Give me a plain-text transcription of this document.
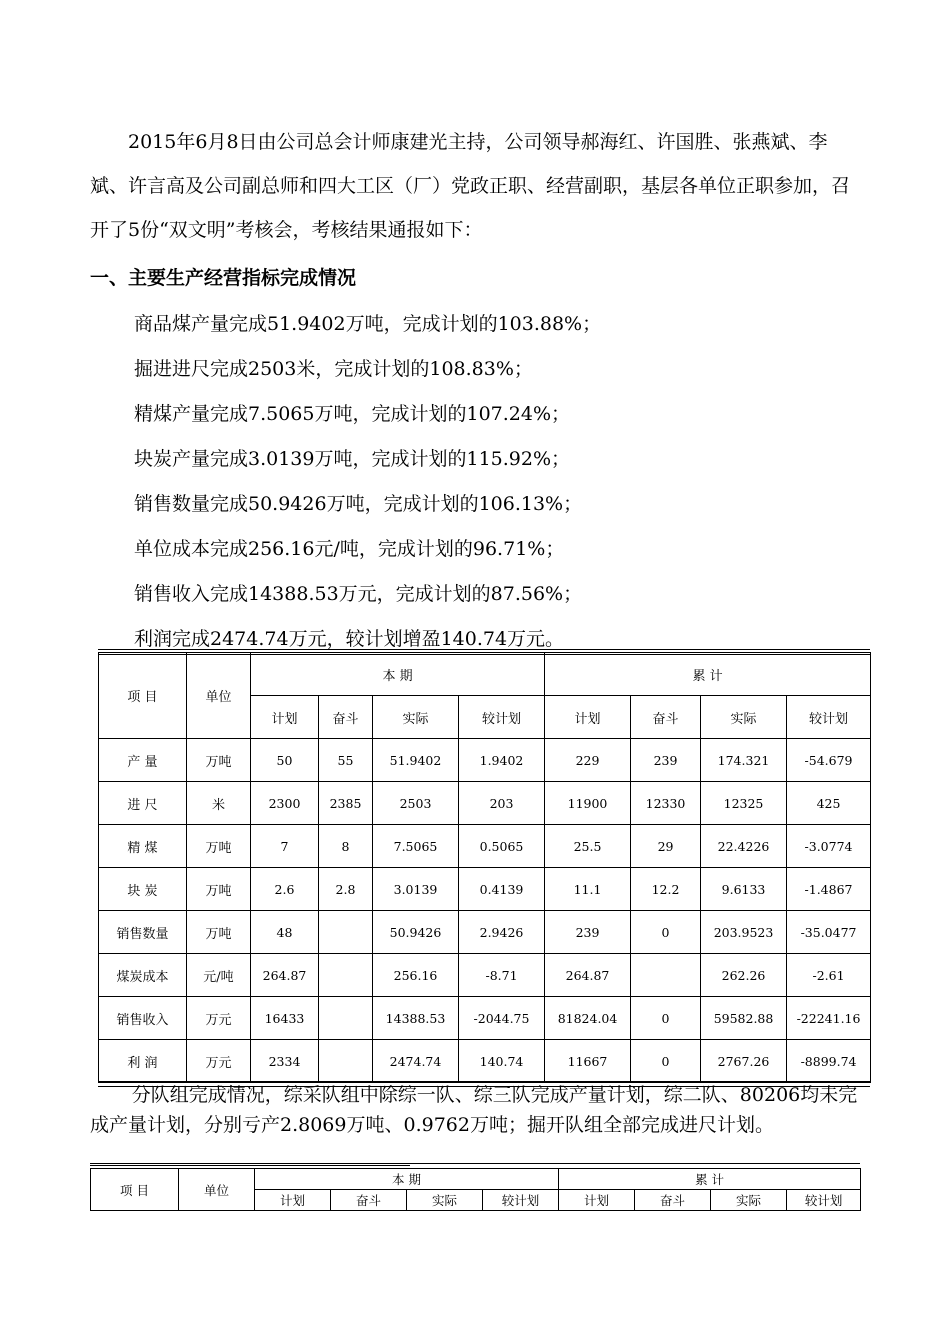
2015年6月8日由公司总会计师康建光主持，公司领导郝海红、许国胜、张燕斌、李斌、许言高及公司副总师和四大工区（厂）党政正职、经营副职，基层各单位正职参加，召开了5份“双文明”考核会，考核结果通报如下：

一、主要生产经营指标完成情况
商品煤产量完成51.9402万吨，完成计划的103.88%；
掘进进尺完成2503米，完成计划的108.83%；
精煤产量完成7.5065万吨，完成计划的107.24%；
块炭产量完成3.0139万吨，完成计划的115.92%；
销售数量完成50.9426万吨，完成计划的106.13%；
单位成本完成256.16元/吨，完成计划的96.71%；
销售收入完成14388.53万元，完成计划的87.56%；
利润完成2474.74万元，较计划增盈140.74万元。
项 目	单位	本 期				累 计			
		计划	奋斗	实际	较计划	计划	奋斗	实际	较计划
产 量	万吨	50	55	51.9402	1.9402	229	239	174.321	-54.679
进 尺	米	2300	2385	2503	203	11900	12330	12325	425
精 煤	万吨	7	8	7.5065	0.5065	25.5	29	22.4226	-3.0774
块 炭	万吨	2.6	2.8	3.0139	0.4139	11.1	12.2	9.6133	-1.4867
销售数量	万吨	48		50.9426	2.9426	239	0	203.9523	-35.0477
煤炭成本	元/吨	264.87		256.16	-8.71	264.87		262.26	-2.61
销售收入	万元	16433		14388.53	-2044.75	81824.04	0	59582.88	-22241.16
利 润	万元	2334		2474.74	140.74	11667	0	2767.26	-8899.74

分队组完成情况，综采队组中除综一队、综三队完成产量计划，综二队、80206均未完成产量计划，分别亏产2.8069万吨、0.9762万吨；掘开队组全部完成进尺计划。

项 目	单位	本 期				累 计			
		计划	奋斗	实际	较计划	计划	奋斗	实际	较计划
